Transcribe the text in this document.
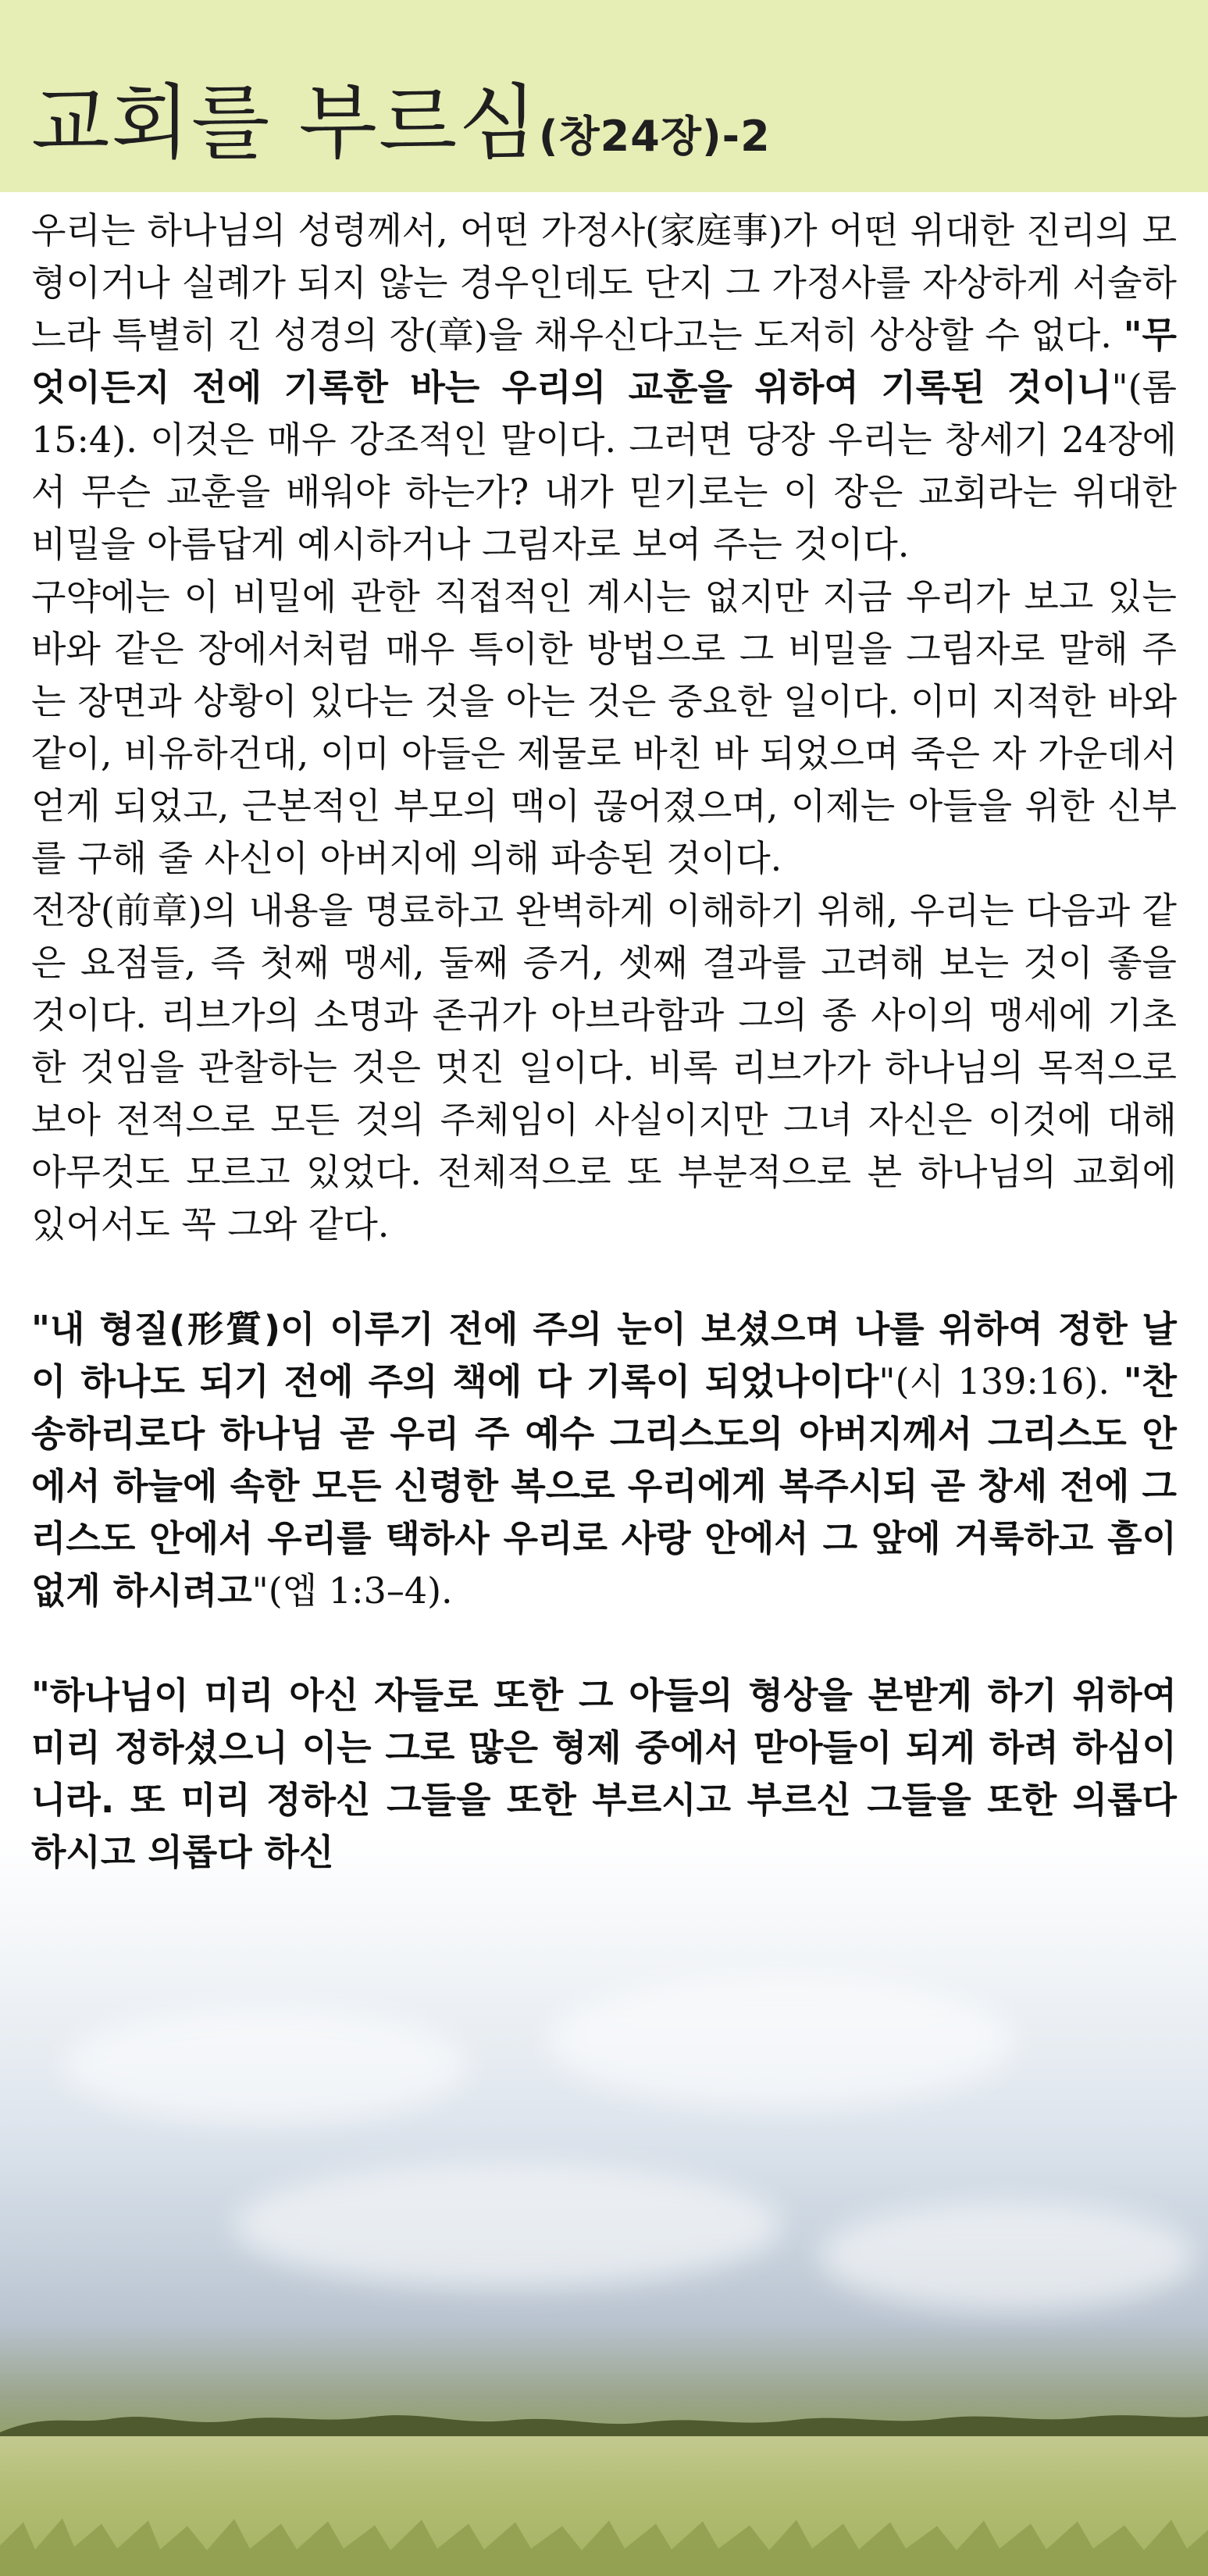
교회를 부르심(창24장)-2

우리는 하나님의 성령께서, 어떤 가정사(家庭事)가 어떤 위대한 진리의 모형이거나 실례가 되지 않는 경우인데도 단지 그 가정사를 자상하게 서술하느라 특별히 긴 성경의 장(章)을 채우신다고는 도저히 상상할 수 없다. "무엇이든지 전에 기록한 바는 우리의 교훈을 위하여 기록된 것이니"(롬 15:4). 이것은 매우 강조적인 말이다. 그러면 당장 우리는 창세기 24장에서 무슨 교훈을 배워야 하는가? 내가 믿기로는 이 장은 교회라는 위대한 비밀을 아름답게 예시하거나 그림자로 보여 주는 것이다.

구약에는 이 비밀에 관한 직접적인 계시는 없지만 지금 우리가 보고 있는 바와 같은 장에서처럼 매우 특이한 방법으로 그 비밀을 그림자로 말해 주는 장면과 상황이 있다는 것을 아는 것은 중요한 일이다. 이미 지적한 바와 같이, 비유하건대, 이미 아들은 제물로 바친 바 되었으며 죽은 자 가운데서 얻게 되었고, 근본적인 부모의 맥이 끊어졌으며, 이제는 아들을 위한 신부를 구해 줄 사신이 아버지에 의해 파송된 것이다.

전장(前章)의 내용을 명료하고 완벽하게 이해하기 위해, 우리는 다음과 같은 요점들, 즉 첫째 맹세, 둘째 증거, 셋째 결과를 고려해 보는 것이 좋을 것이다. 리브가의 소명과 존귀가 아브라함과 그의 종 사이의 맹세에 기초한 것임을 관찰하는 것은 멋진 일이다. 비록 리브가가 하나님의 목적으로 보아 전적으로 모든 것의 주체임이 사실이지만 그녀 자신은 이것에 대해 아무것도 모르고 있었다. 전체적으로 또 부분적으로 본 하나님의 교회에 있어서도 꼭 그와 같다.

"내 형질(形質)이 이루기 전에 주의 눈이 보셨으며 나를 위하여 정한 날이 하나도 되기 전에 주의 책에 다 기록이 되었나이다"(시 139:16). "찬송하리로다 하나님 곧 우리 주 예수 그리스도의 아버지께서 그리스도 안에서 하늘에 속한 모든 신령한 복으로 우리에게 복주시되 곧 창세 전에 그리스도 안에서 우리를 택하사 우리로 사랑 안에서 그 앞에 거룩하고 흠이 없게 하시려고"(엡 1:3–4).

"하나님이 미리 아신 자들로 또한 그 아들의 형상을 본받게 하기 위하여 미리 정하셨으니 이는 그로 많은 형제 중에서 맏아들이 되게 하려 하심이니라. 또 미리 정하신 그들을 또한 부르시고 부르신 그들을 또한 의롭다 하시고 의롭다 하신
